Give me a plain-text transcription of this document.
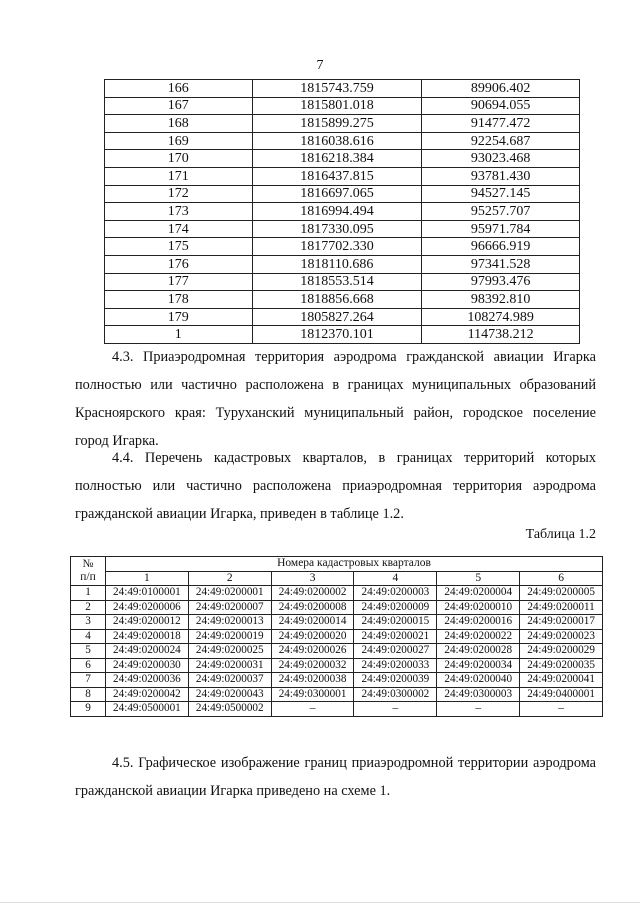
7
166	1815743.759	89906.402
167	1815801.018	90694.055
168	1815899.275	91477.472
169	1816038.616	92254.687
170	1816218.384	93023.468
171	1816437.815	93781.430
172	1816697.065	94527.145
173	1816994.494	95257.707
174	1817330.095	95971.784
175	1817702.330	96666.919
176	1818110.686	97341.528
177	1818553.514	97993.476
178	1818856.668	98392.810
179	1805827.264	108274.989
1	1812370.101	114738.212
4.3. Приаэродромная территория аэродрома гражданской авиации Игарка
полностью или частично расположена в границах муниципальных образований
Красноярского края: Туруханский муниципальный район, городское поселение
город Игарка.
4.4. Перечень кадастровых кварталов, в границах территорий которых
полностью или частично расположена приаэродромная территория аэродрома
гражданской авиации Игарка, приведен в таблице 1.2.
Таблица 1.2
№
п/п	Номера кадастровых кварталов					
	1	2	3	4	5	6
1	24:49:0100001	24:49:0200001	24:49:0200002	24:49:0200003	24:49:0200004	24:49:0200005
2	24:49:0200006	24:49:0200007	24:49:0200008	24:49:0200009	24:49:0200010	24:49:0200011
3	24:49:0200012	24:49:0200013	24:49:0200014	24:49:0200015	24:49:0200016	24:49:0200017
4	24:49:0200018	24:49:0200019	24:49:0200020	24:49:0200021	24:49:0200022	24:49:0200023
5	24:49:0200024	24:49:0200025	24:49:0200026	24:49:0200027	24:49:0200028	24:49:0200029
6	24:49:0200030	24:49:0200031	24:49:0200032	24:49:0200033	24:49:0200034	24:49:0200035
7	24:49:0200036	24:49:0200037	24:49:0200038	24:49:0200039	24:49:0200040	24:49:0200041
8	24:49:0200042	24:49:0200043	24:49:0300001	24:49:0300002	24:49:0300003	24:49:0400001
9	24:49:0500001	24:49:0500002	–	–	–	–
4.5. Графическое изображение границ приаэродромной территории аэродрома
гражданской авиации Игарка приведено на схеме 1.
